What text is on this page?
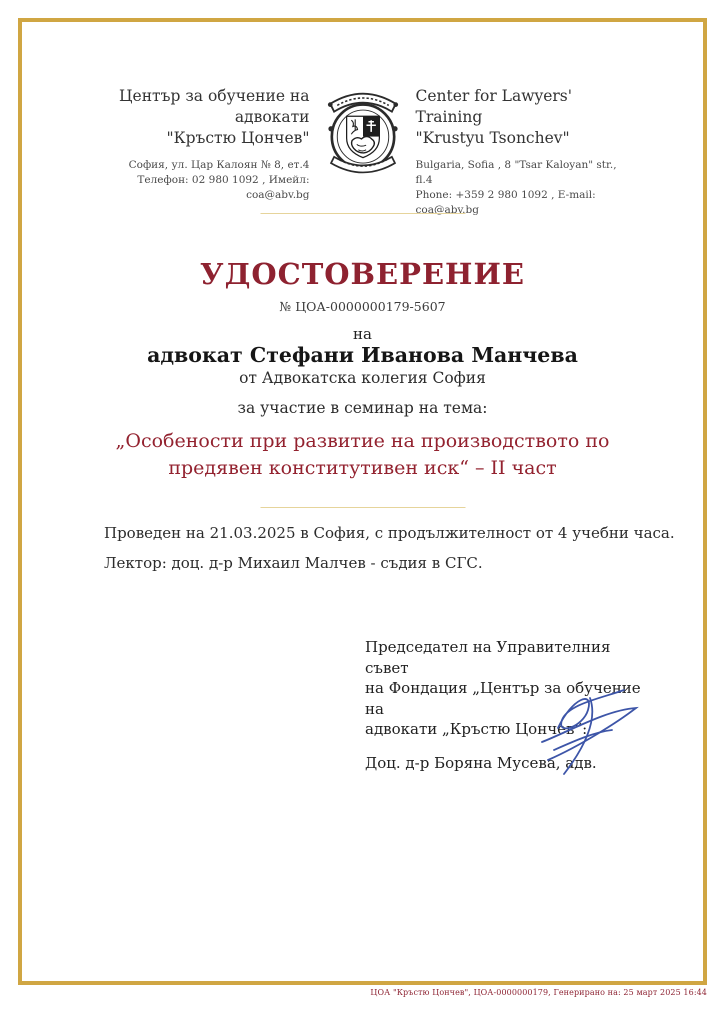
Център за обучение на адвокати
"Кръстю Цончев"
София, ул. Цар Калоян № 8, ет.4
Телефон: 02 980 1092 , Имейл: coa@abv.bg
Center for Lawyers' Training
"Krustyu Tsonchev"
Bulgaria, Sofia , 8 "Tsar Kaloyan" str., fl.4
Phone: +359 2 980 1092 , E-mail: coa@abv.bg
УДОСТОВЕРЕНИЕ
№ ЦОА-0000000179-5607
на
адвокат Стефани Иванова Манчева
от Адвокатска колегия София
за участие в семинар на тема:
„Особености при развитие на производството по
предявен конститутивен иск“ – II част
Проведен на 21.03.2025 в София, с продължителност от 4 учебни часа.
Лектор: доц. д-р Михаил Малчев - съдия в СГС.
Председател на Управителния съвет
на Фондация „Център за обучение на
адвокати „Кръстю Цончев“:
Доц. д-р Боряна Мусева, адв.
ЦОА "Кръстю Цончев", ЦОА-0000000179, Генерирано на: 25 март 2025 16:44
